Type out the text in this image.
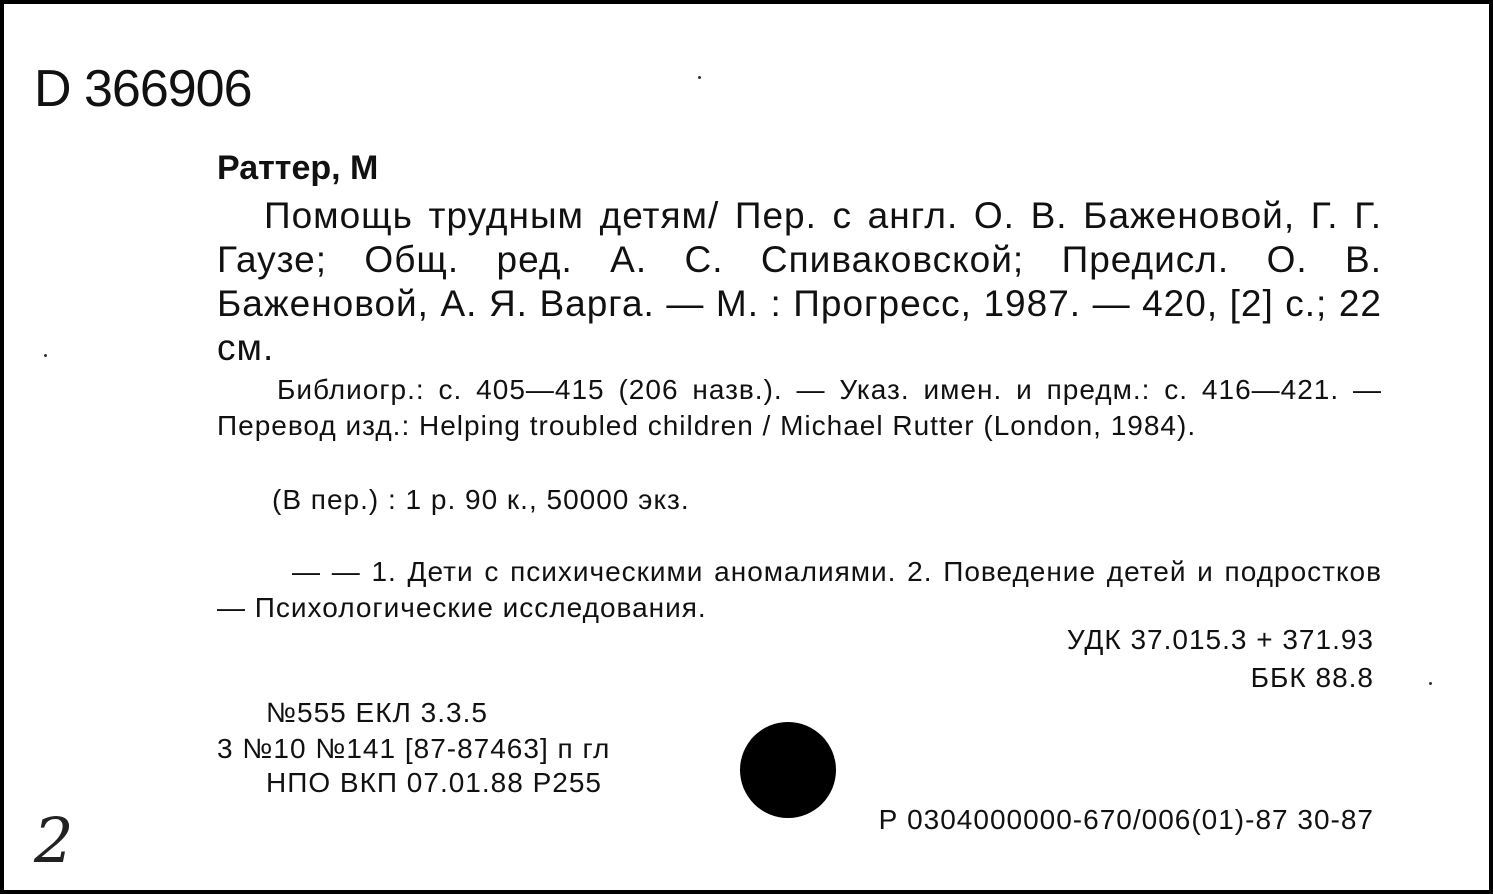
D 366906
Раттер, М
Помощь трудным детям/ Пер. с англ. О. В. Баженовой, Г. Г. Гаузе; Общ. ред. А. С. Спиваковской; Предисл. О. В. Баженовой, А. Я. Варга. — М. : Прогресс, 1987. — 420, [2] с.; 22 см.
Библиогр.: с. 405—415 (206 назв.). — Указ. имен. и предм.: с. 416—421. — Перевод изд.: Helping troubled children / Michael Rutter (London, 1984).
(В пер.) : 1 р. 90 к., 50000 экз.
— — 1. Дети с психическими аномалиями. 2. Поведение детей и подростков — Психологические исследования.
УДК 37.015.3 + 371.93
ББК 88.8
№555 ЕКЛ 3.3.5
3 №10 №141 [87-87463] п гл
НПО ВКП 07.01.88 Р255
Р 0304000000-670/006(01)-87 30-87
2
